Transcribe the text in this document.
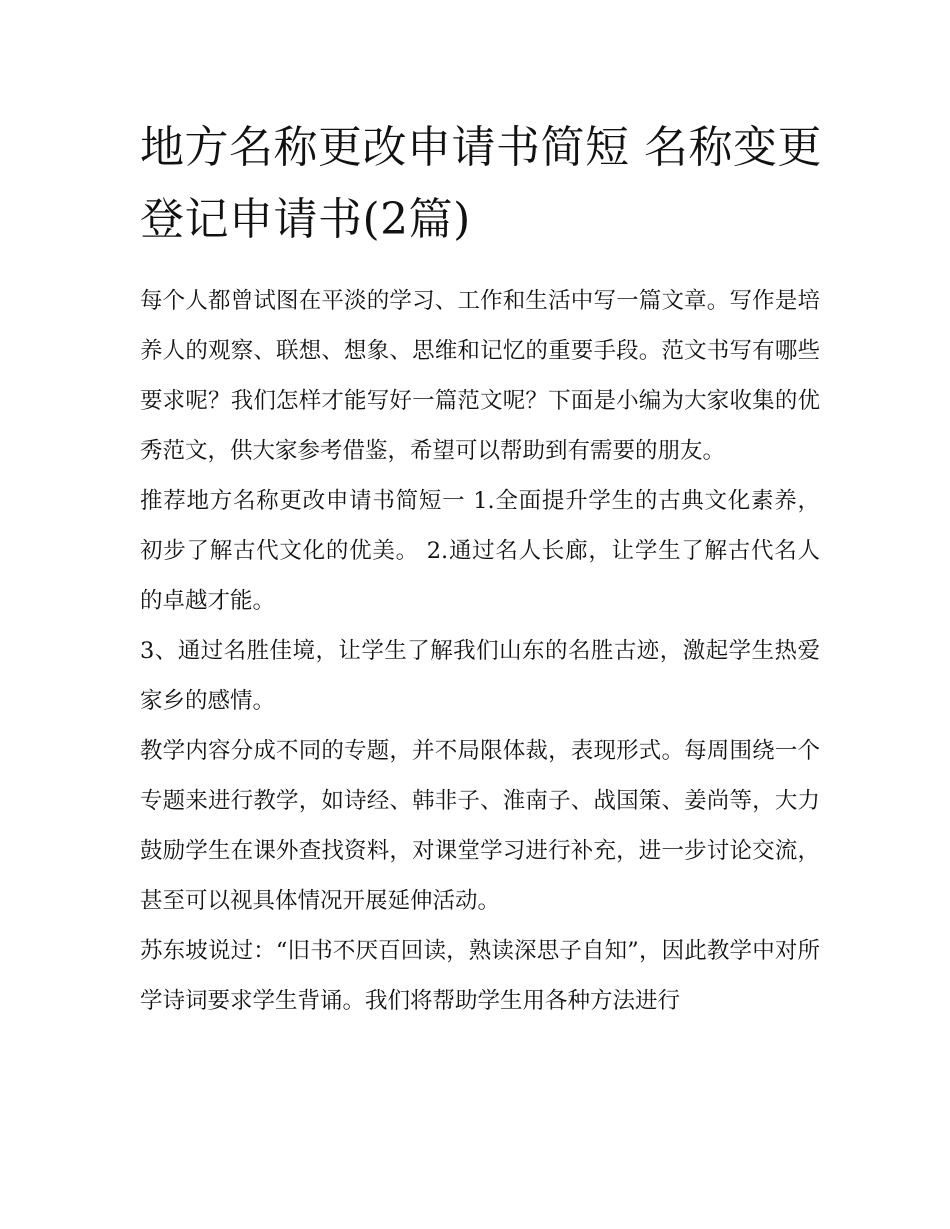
地方名称更改申请书简短 名称变更登记申请书(2篇)

每个人都曾试图在平淡的学习、工作和生活中写一篇文章。写作是培养人的观察、联想、想象、思维和记忆的重要手段。范文书写有哪些要求呢？我们怎样才能写好一篇范文呢？下面是小编为大家收集的优秀范文，供大家参考借鉴，希望可以帮助到有需要的朋友。

推荐地方名称更改申请书简短一 1.全面提升学生的古典文化素养，初步了解古代文化的优美。 2.通过名人长廊，让学生了解古代名人的卓越才能。

3、通过名胜佳境，让学生了解我们山东的名胜古迹，激起学生热爱家乡的感情。

教学内容分成不同的专题，并不局限体裁，表现形式。每周围绕一个专题来进行教学，如诗经、韩非子、淮南子、战国策、姜尚等，大力鼓励学生在课外查找资料，对课堂学习进行补充，进一步讨论交流，甚至可以视具体情况开展延伸活动。

苏东坡说过：“旧书不厌百回读，熟读深思子自知”，因此教学中对所学诗词要求学生背诵。我们将帮助学生用各种方法进行
